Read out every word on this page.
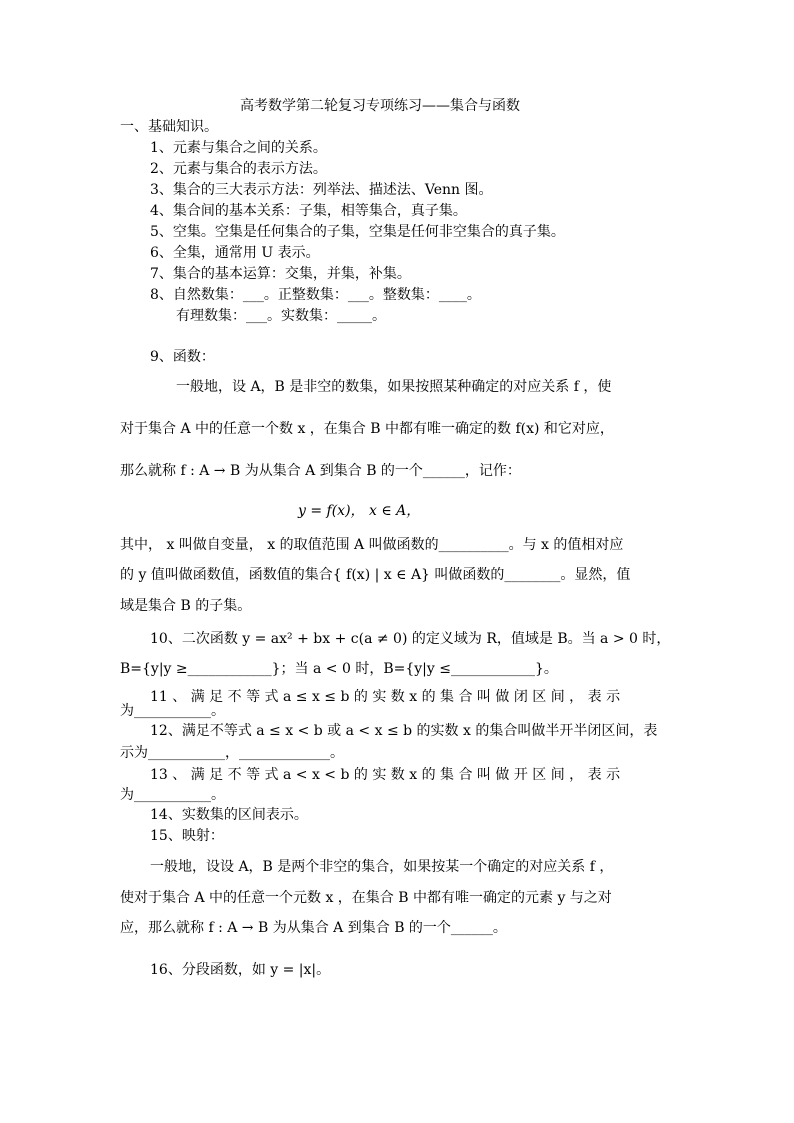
高考数学第二轮复习专项练习——集合与函数
一、基础知识。
1、元素与集合之间的关系。
2、元素与集合的表示方法。
3、集合的三大表示方法：列举法、描述法、Venn 图。
4、集合间的基本关系：子集，相等集合，真子集。
5、空集。空集是任何集合的子集，空集是任何非空集合的真子集。
6、全集，通常用 U 表示。
7、集合的基本运算：交集，并集，补集。
8、自然数集：___。正整数集：___。整数集：____。
有理数集：___。实数集：_____。
9、函数：
一般地，设 A，B 是非空的数集，如果按照某种确定的对应关系 f ，使
对于集合 A 中的任意一个数 x ，在集合 B 中都有唯一确定的数 f(x) 和它对应，
那么就称 f : A → B 为从集合 A 到集合 B 的一个______，记作：
y = f(x)， x ∈ A，
其中， x 叫做自变量， x 的取值范围 A 叫做函数的__________。与 x 的值相对应
的 y 值叫做函数值，函数值的集合{ f(x) | x ∈ A} 叫做函数的________。显然，值
域是集合 B 的子集。
10、二次函数 y = ax² + bx + c(a ≠ 0) 的定义域为 R，值域是 B。当 a > 0 时，
B={y|y ≥____________}；当 a < 0 时，B={y|y ≤____________}。
11 、 满 足 不 等 式 a ≤ x ≤ b 的 实 数 x 的 集 合 叫 做 闭 区 间 ， 表 示
为___________。
12、满足不等式 a ≤ x < b 或 a < x ≤ b 的实数 x 的集合叫做半开半闭区间，表
示为___________，_____________。
13 、 满 足 不 等 式 a < x < b 的 实 数 x 的 集 合 叫 做 开 区 间 ， 表 示
为___________。
14、实数集的区间表示。
15、映射：
一般地，设设 A，B 是两个非空的集合，如果按某一个确定的对应关系 f ，
使对于集合 A 中的任意一个元数 x ，在集合 B 中都有唯一确定的元素 y 与之对
应，那么就称 f : A → B 为从集合 A 到集合 B 的一个______。
16、分段函数，如 y = |x|。
